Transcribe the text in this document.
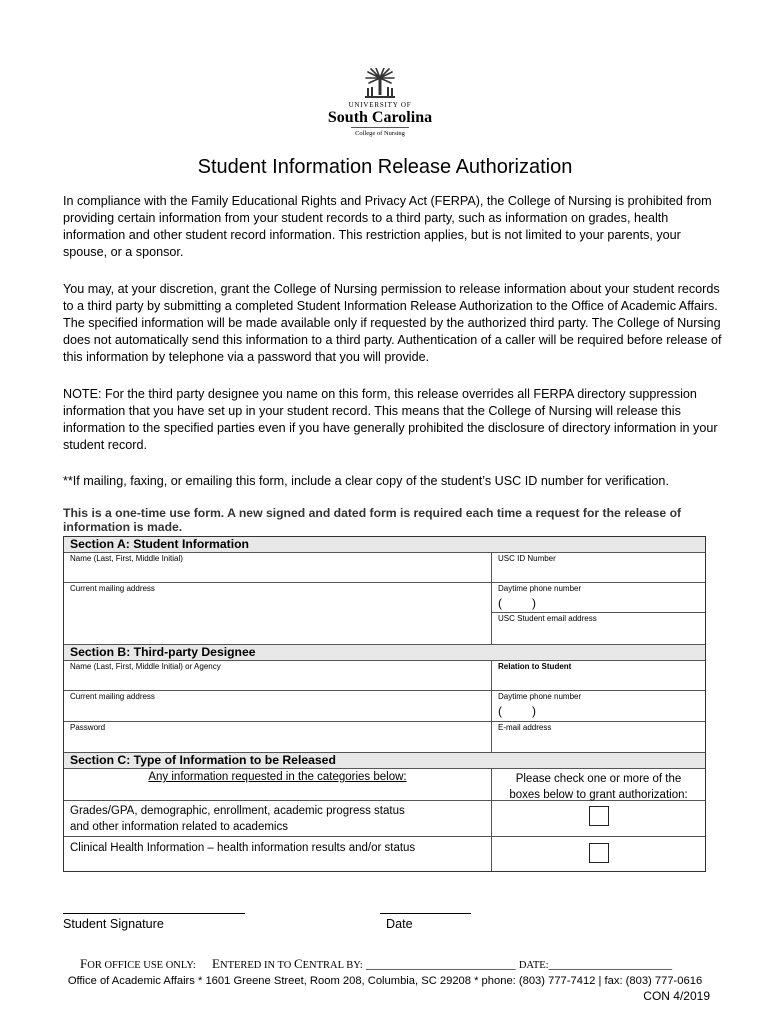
UNIVERSITY OF
South Carolina
College of Nursing
Student Information Release Authorization
In compliance with the Family Educational Rights and Privacy Act (FERPA), the College of Nursing is prohibited from providing certain information from your student records to a third party, such as information on grades, health information and other student record information. This restriction applies, but is not limited to your parents, your spouse, or a sponsor.
You may, at your discretion, grant the College of Nursing permission to release information about your student records to a third party by submitting a completed Student Information Release Authorization to the Office of Academic Affairs. The specified information will be made available only if requested by the authorized third party. The College of Nursing does not automatically send this information to a third party. Authentication of a caller will be required before release of this information by telephone via a password that you will provide.
NOTE: For the third party designee you name on this form, this release overrides all FERPA directory suppression information that you have set up in your student record. This means that the College of Nursing will release this information to the specified parties even if you have generally prohibited the disclosure of directory information in your student record.
**If mailing, faxing, or emailing this form, include a clear copy of the student’s USC ID number for verification.
This is a one-time use form. A new signed and dated form is required each time a request for the release of information is made.
Section A: Student Information
Name (Last, First, Middle Initial)	USC ID Number
Current mailing address	Daytime phone number
(         )
USC Student email address
Section B: Third-party Designee
Name (Last, First, Middle Initial) or Agency	Relation to Student
Current mailing address	Daytime phone number
(         )
Password	E-mail address
Section C: Type of Information to be Released
Any information requested in the categories below:	Please check one or more of the boxes below to grant authorization:
Grades/GPA, demographic, enrollment, academic progress status
and other information related to academics
Clinical Health Information – health information results and/or status
Student Signature	Date
FOR OFFICE USE ONLY: ENTERED IN TO CENTRAL BY: _______________________ DATE:___________________
Office of Academic Affairs * 1601 Greene Street, Room 208, Columbia, SC 29208 * phone: (803) 777-7412 | fax: (803) 777-0616
CON 4/2019
